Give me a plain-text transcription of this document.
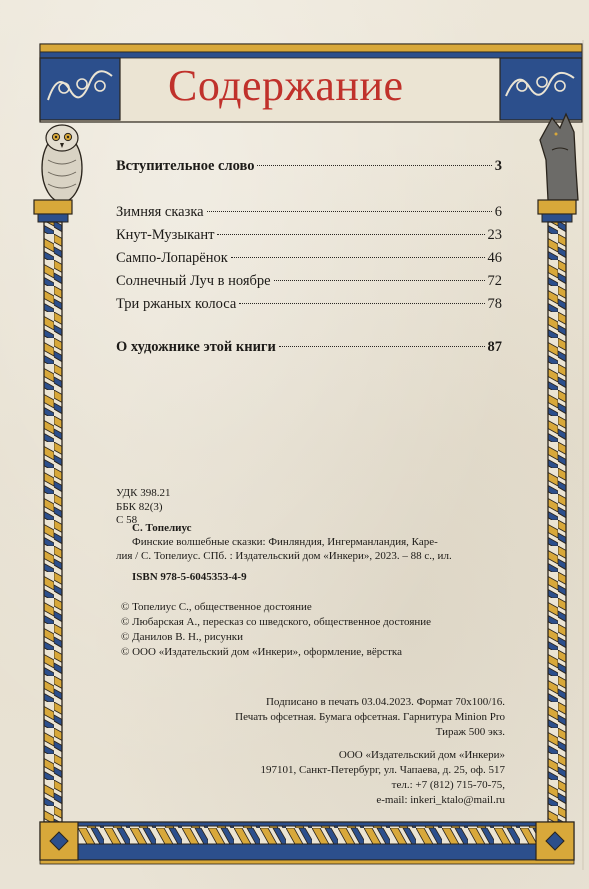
Содержание
Вступительное слово	3
Зимняя сказка	6
Кнут-Музыкант	23
Сампо-Лопарёнок	46
Солнечный Луч в ноябре	72
Три ржаных колоса	78
О художнике этой книги	87
УДК 398.21
ББК 82(3)
С 58
С. Топелиус
Финские волшебные сказки: Финляндия, Ингерманландия, Каре-
лия / С. Топелиус. СПб. : Издательский дом «Инкери», 2023. – 88 с., ил.
ISBN 978-5-6045353-4-9
© Топелиус С., общественное достояние
© Любарская А., пересказ со шведского, общественное достояние
© Данилов В. Н., рисунки
© ООО «Издательский дом «Инкери», оформление, вёрстка
Подписано в печать 03.04.2023. Формат 70х100/16.
Печать офсетная. Бумага офсетная. Гарнитура Minion Pro
Тираж 500 экз.
ООО «Издательский дом «Инкери»
197101, Санкт-Петербург, ул. Чапаева, д. 25, оф. 517
тел.: +7 (812) 715-70-75,
e-mail: inkeri_ktalo@mail.ru
